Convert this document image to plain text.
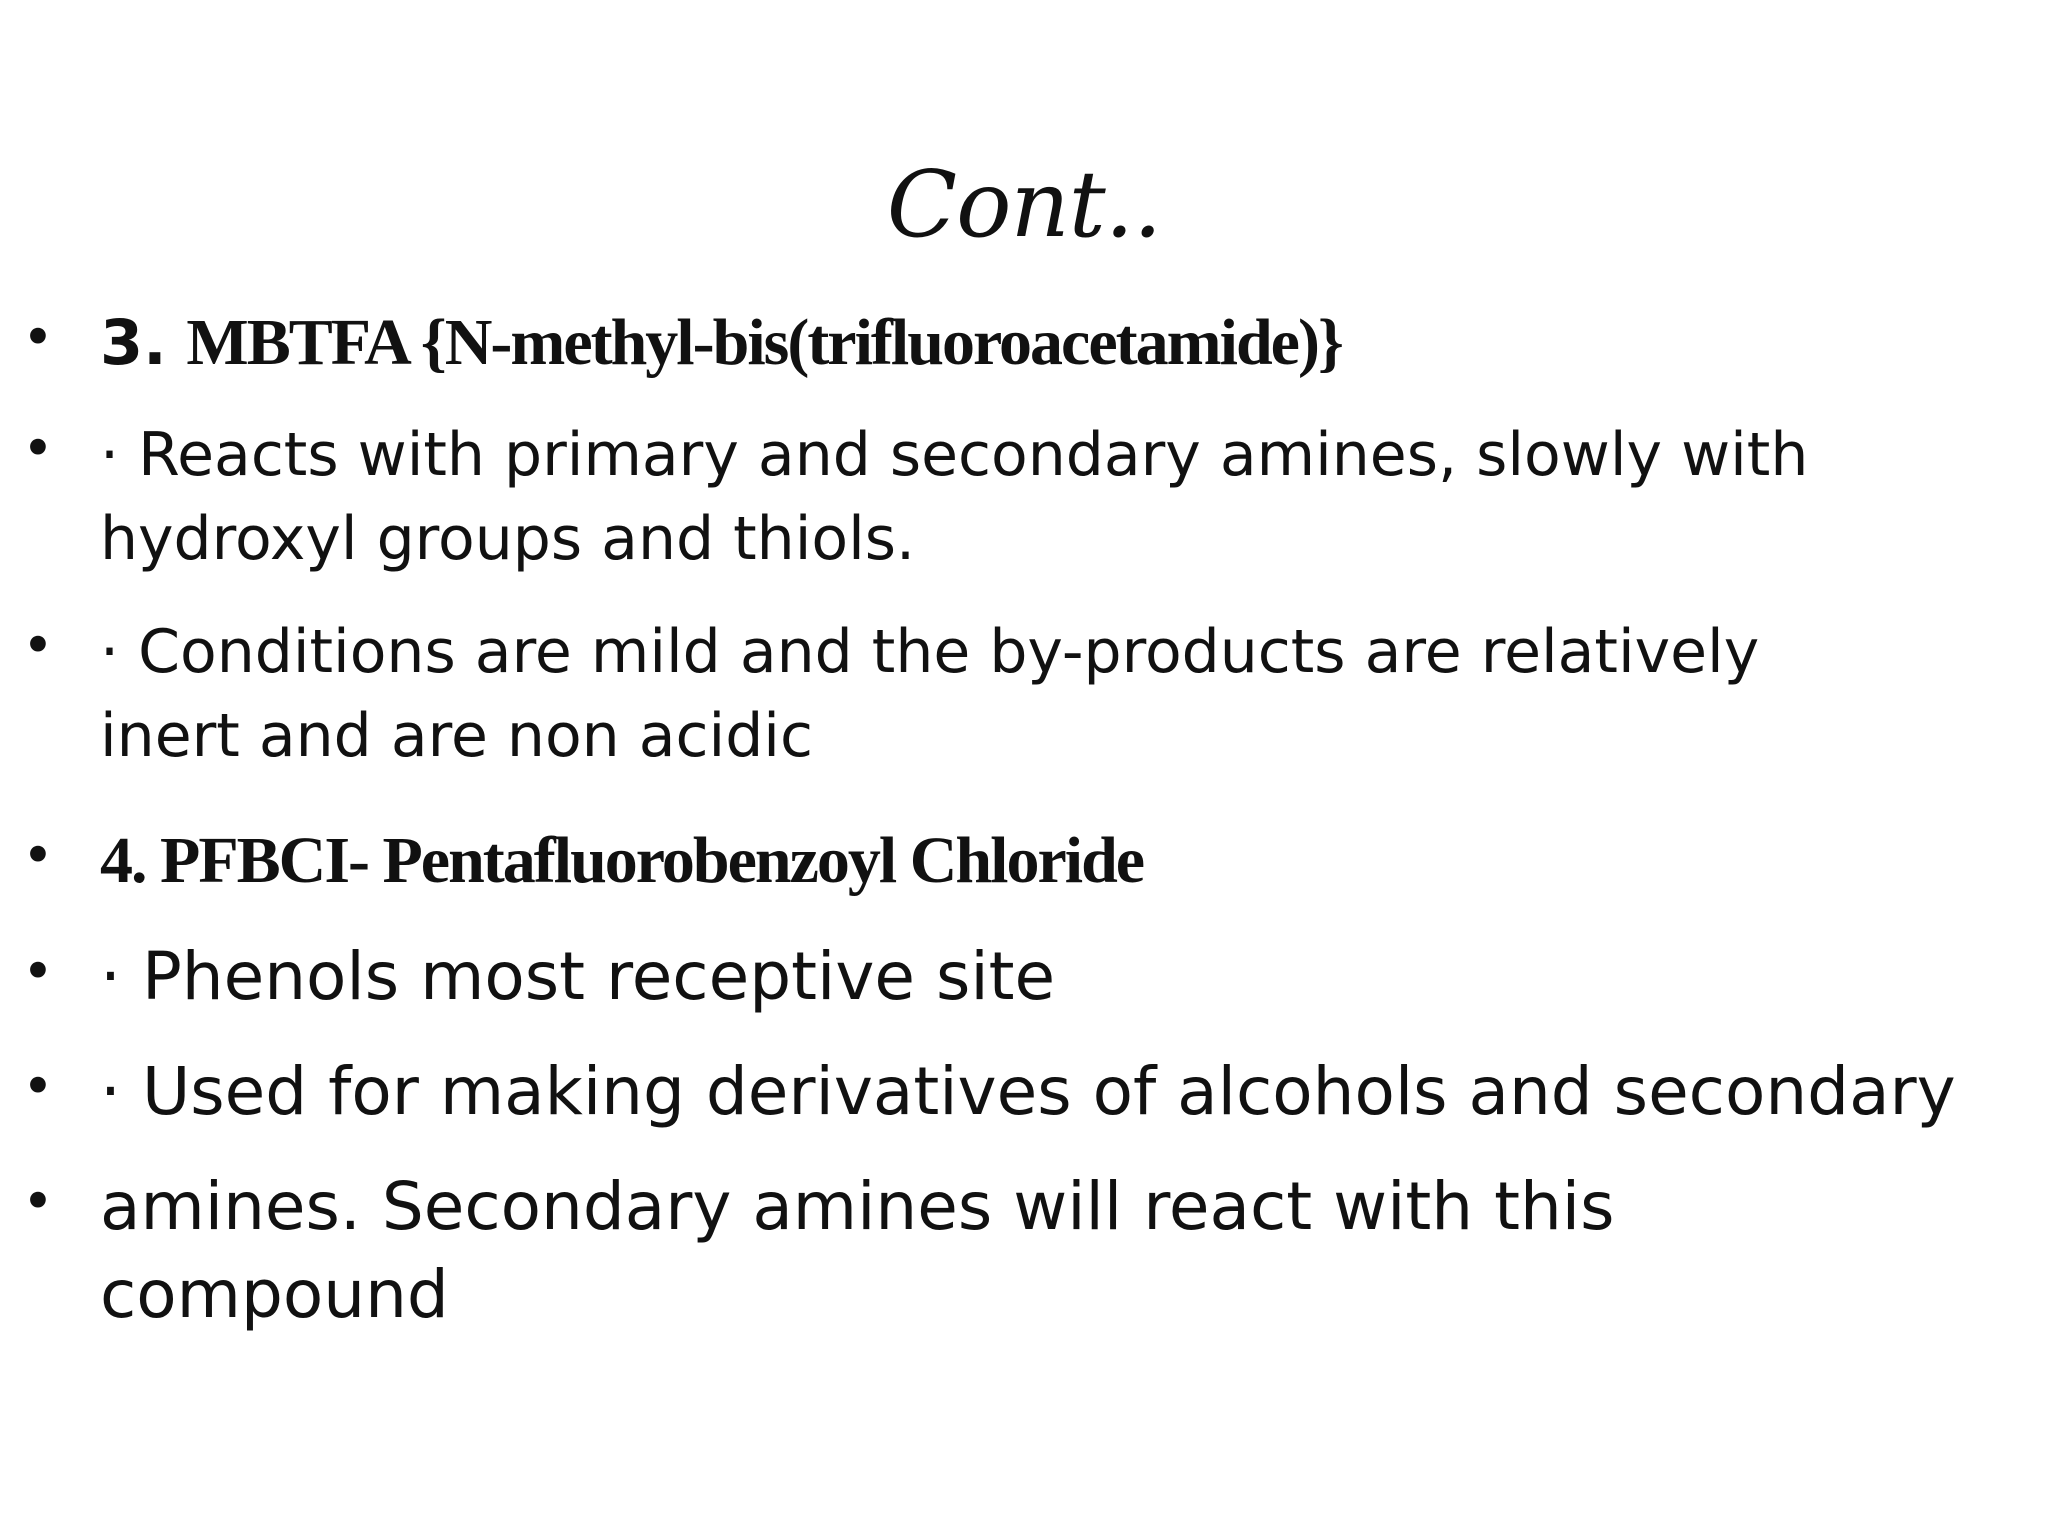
Cont..
• 3. MBTFA {N-methyl-bis(trifluoroacetamide)}
• · Reacts with primary and secondary amines, slowly with
hydroxyl groups and thiols.
• · Conditions are mild and the by-products are relatively
inert and are non acidic
• 4. PFBCI- Pentafluorobenzoyl Chloride
• · Phenols most receptive site
• · Used for making derivatives of alcohols and secondary
• amines. Secondary amines will react with this
compound
